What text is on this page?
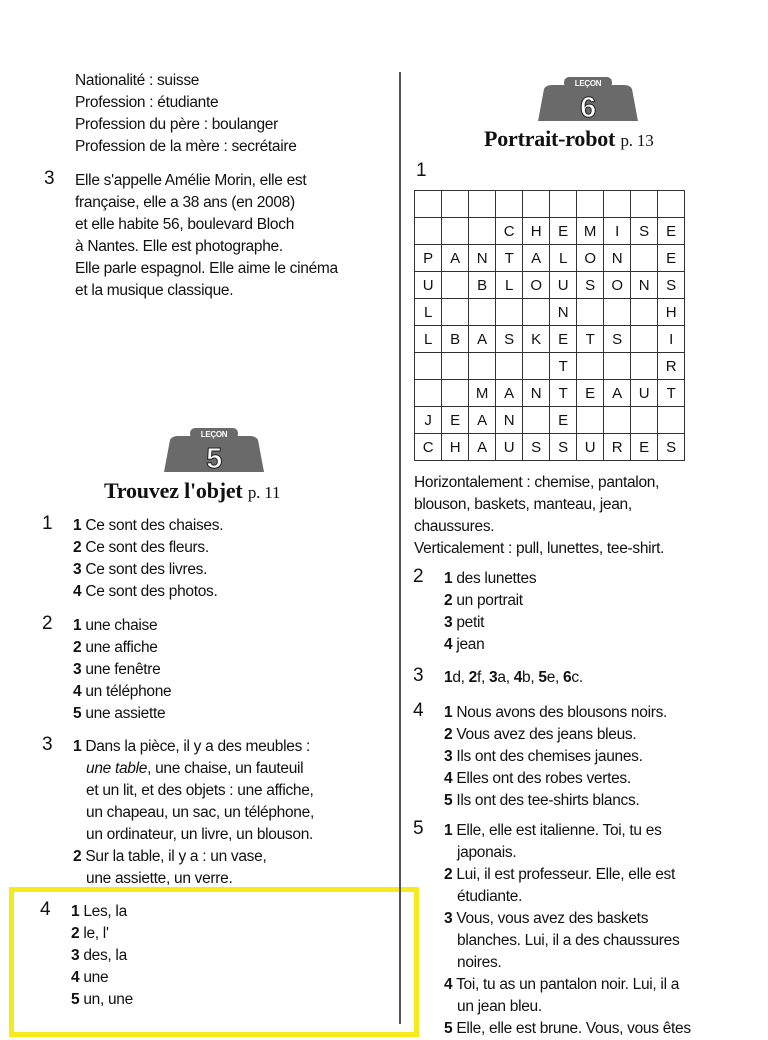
Nationalité : suisse
Profession : étudiante
Profession du père : boulanger
Profession de la mère : secrétaire
3 Elle s'appelle Amélie Morin, elle est
française, elle a 38 ans (en 2008)
et elle habite 56, boulevard Bloch
à Nantes. Elle est photographe.
Elle parle espagnol. Elle aime le cinéma
et la musique classique.
LEÇON
5
Trouvez l'objet p. 11
1 1 Ce sont des chaises.
2 Ce sont des fleurs.
3 Ce sont des livres.
4 Ce sont des photos.
2 1 une chaise
2 une affiche
3 une fenêtre
4 un téléphone
5 une assiette
3 1 Dans la pièce, il y a des meubles :
une table, une chaise, un fauteuil
et un lit, et des objets : une affiche,
un chapeau, un sac, un téléphone,
un ordinateur, un livre, un blouson.
2 Sur la table, il y a : un vase,
une assiette, un verre.
4 1 Les, la
2 le, l'
3 des, la
4 une
5 un, une
LEÇON
6
Portrait-robot p. 13
1

			C	H	E	M	I	S	E
P	A	N	T	A	L	O	N		E
U		B	L	O	U	S	O	N	S
L					N				H
L	B	A	S	K	E	T	S		I
					T				R
		M	A	N	T	E	A	U	T
J	E	A	N		E				
C	H	A	U	S	S	U	R	E	S
Horizontalement : chemise, pantalon,
blouson, baskets, manteau, jean,
chaussures.
Verticalement : pull, lunettes, tee-shirt.
2 1 des lunettes
2 un portrait
3 petit
4 jean
3 1d, 2f, 3a, 4b, 5e, 6c.
4 1 Nous avons des blousons noirs.
2 Vous avez des jeans bleus.
3 Ils ont des chemises jaunes.
4 Elles ont des robes vertes.
5 Ils ont des tee-shirts blancs.
5 1 Elle, elle est italienne. Toi, tu es
japonais.
2 Lui, il est professeur. Elle, elle est
étudiante.
3 Vous, vous avez des baskets
blanches. Lui, il a des chaussures
noires.
4 Toi, tu as un pantalon noir. Lui, il a
un jean bleu.
5 Elle, elle est brune. Vous, vous êtes
